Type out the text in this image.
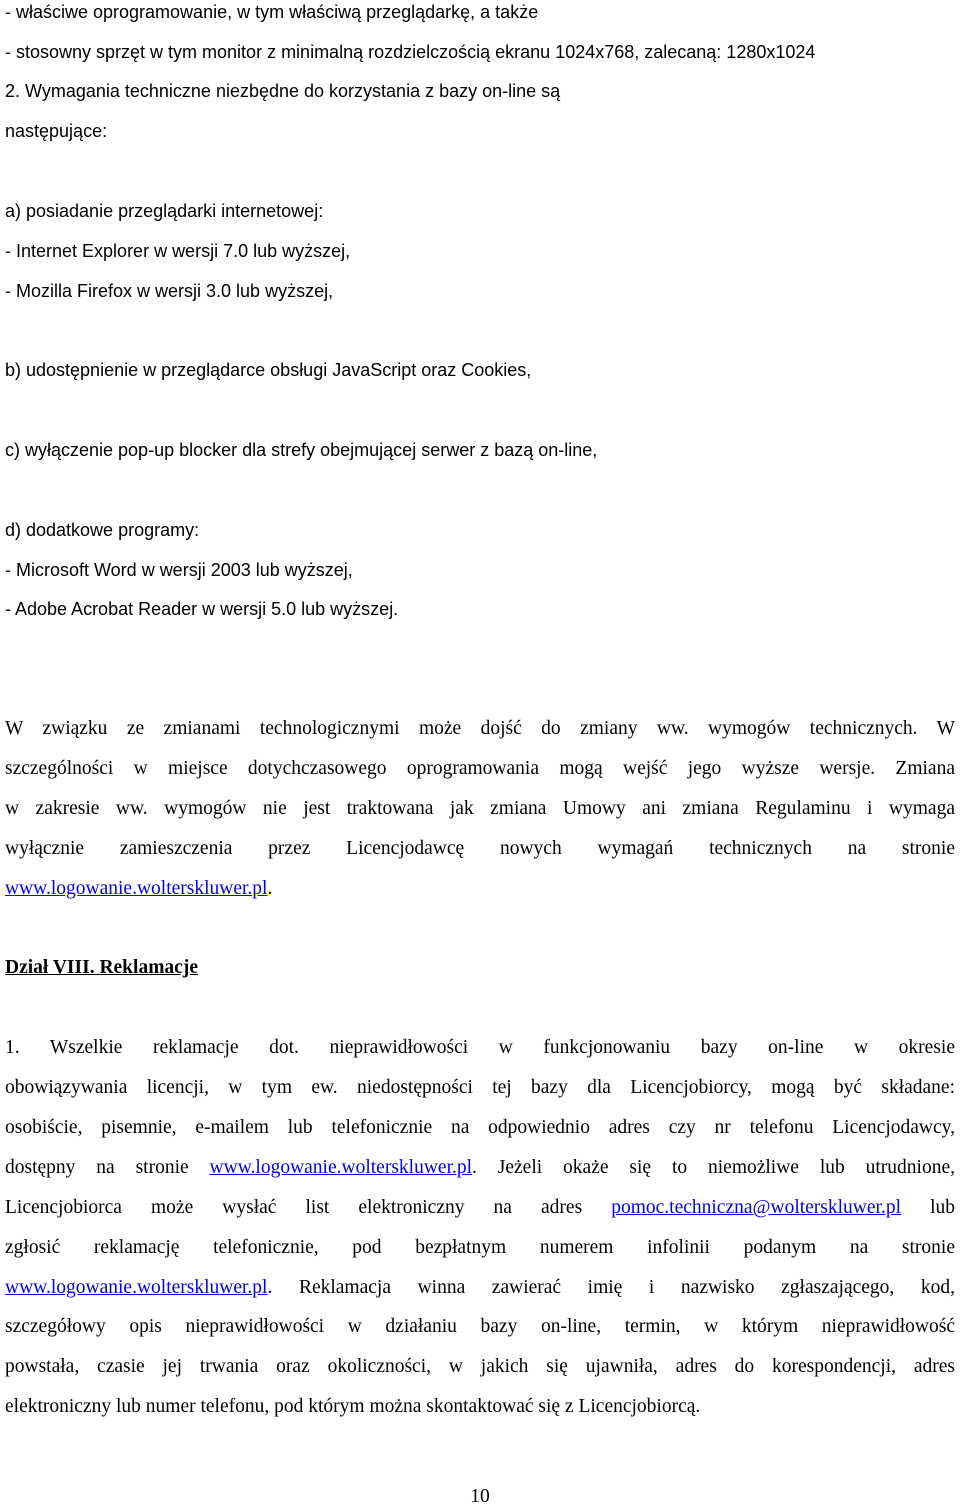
- właściwe oprogramowanie, w tym właściwą przeglądarkę, a także
- stosowny sprzęt w tym monitor z minimalną rozdzielczością ekranu 1024x768, zalecaną: 1280x1024
2. Wymagania techniczne niezbędne do korzystania z bazy on-line są
następujące:
a) posiadanie przeglądarki internetowej:
- Internet Explorer w wersji 7.0 lub wyższej,
- Mozilla Firefox w wersji 3.0 lub wyższej,
b) udostępnienie w przeglądarce obsługi JavaScript oraz Cookies,
c) wyłączenie pop-up blocker dla strefy obejmującej serwer z bazą on-line,
d) dodatkowe programy:
- Microsoft Word w wersji 2003 lub wyższej,
- Adobe Acrobat Reader w wersji 5.0 lub wyższej.
W związku ze zmianami technologicznymi może dojść do zmiany ww. wymogów technicznych. W
szczególności w miejsce dotychczasowego oprogramowania mogą wejść jego wyższe wersje. Zmiana
w zakresie ww. wymogów nie jest traktowana jak zmiana Umowy ani zmiana Regulaminu i wymaga
wyłącznie zamieszczenia przez Licencjodawcę nowych wymagań technicznych na stronie
www.logowanie.wolterskluwer.pl.
Dział VIII. Reklamacje
1. Wszelkie reklamacje dot. nieprawidłowości w funkcjonowaniu bazy on-line w okresie
obowiązywania licencji, w tym ew. niedostępności tej bazy dla Licencjobiorcy, mogą być składane:
osobiście, pisemnie, e-mailem lub telefonicznie na odpowiednio adres czy nr telefonu Licencjodawcy,
dostępny na stronie www.logowanie.wolterskluwer.pl. Jeżeli okaże się to niemożliwe lub utrudnione,
Licencjobiorca może wysłać list elektroniczny na adres pomoc.techniczna@wolterskluwer.pl lub
zgłosić reklamację telefonicznie, pod bezpłatnym numerem infolinii podanym na stronie
www.logowanie.wolterskluwer.pl. Reklamacja winna zawierać imię i nazwisko zgłaszającego, kod,
szczegółowy opis nieprawidłowości w działaniu bazy on-line, termin, w którym nieprawidłowość
powstała, czasie jej trwania oraz okoliczności, w jakich się ujawniła, adres do korespondencji, adres
elektroniczny lub numer telefonu, pod którym można skontaktować się z Licencjobiorcą.
10
